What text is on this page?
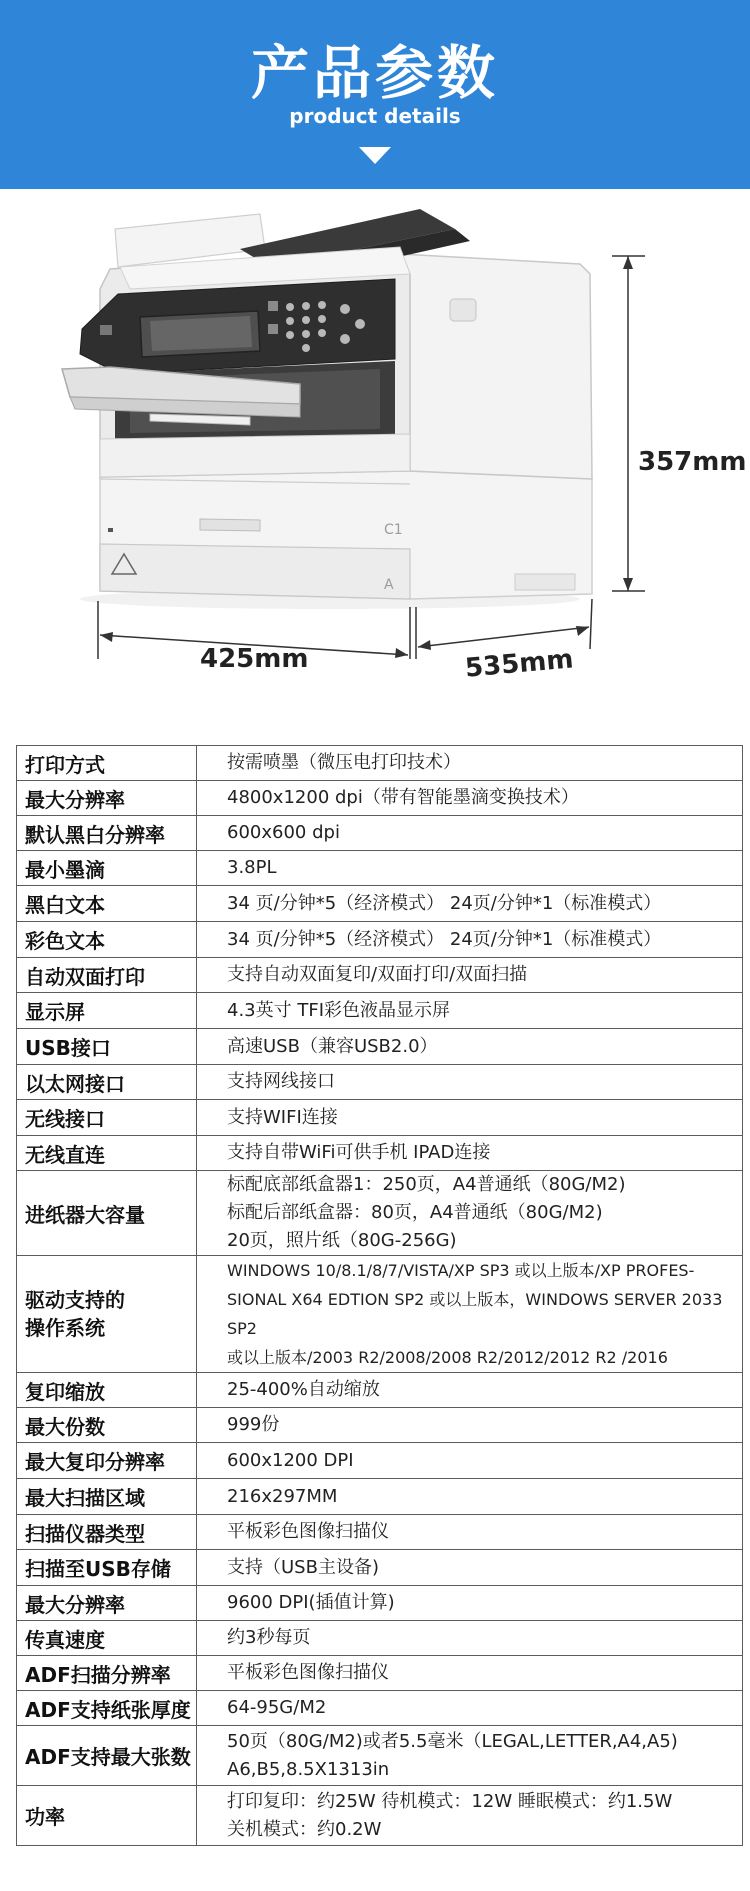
产品参数
product details
C1
A
357mm
425mm	535mm
打印方式	按需喷墨（微压电打印技术）

最大分辨率	4800x1200 dpi（带有智能墨滴变换技术）

默认黑白分辨率	600x600 dpi

最小墨滴	3.8PL

黑白文本	34 页/分钟*5（经济模式） 24页/分钟*1（标准模式）

彩色文本	34 页/分钟*5（经济模式） 24页/分钟*1（标准模式）

自动双面打印	支持自动双面复印/双面打印/双面扫描

显示屏	4.3英寸 TFI彩色液晶显示屏

USB接口	高速USB（兼容USB2.0）

以太网接口	支持网线接口

无线接口	支持WIFI连接

无线直连	支持自带WiFi可供手机 IPAD连接

进纸器大容量	标配底部纸盒器1：250页，A4普通纸（80G/M2)
标配后部纸盒器：80页，A4普通纸（80G/M2)
20页，照片纸（80G-256G)

驱动支持的
操作系统	WINDOWS 10/8.1/8/7/VISTA/XP SP3 或以上版本/XP PROFES-
SIONAL X64 EDTION SP2 或以上版本，WINDOWS SERVER 2033 SP2
或以上版本/2003 R2/2008/2008 R2/2012/2012 R2 /2016

复印缩放	25-400%自动缩放

最大份数	999份

最大复印分辨率	600x1200 DPI

最大扫描区域	216x297MM

扫描仪器类型	平板彩色图像扫描仪

扫描至USB存储	支持（USB主设备)

最大分辨率	9600 DPI(插值计算)

传真速度	约3秒每页

ADF扫描分辨率	平板彩色图像扫描仪

ADF支持纸张厚度	64-95G/M2

ADF支持最大张数	50页（80G/M2)或者5.5毫米（LEGAL,LETTER,A4,A5)
A6,B5,8.5X1313in

功率	打印复印：约25W 待机模式：12W 睡眠模式：约1.5W
关机模式：约0.2W
